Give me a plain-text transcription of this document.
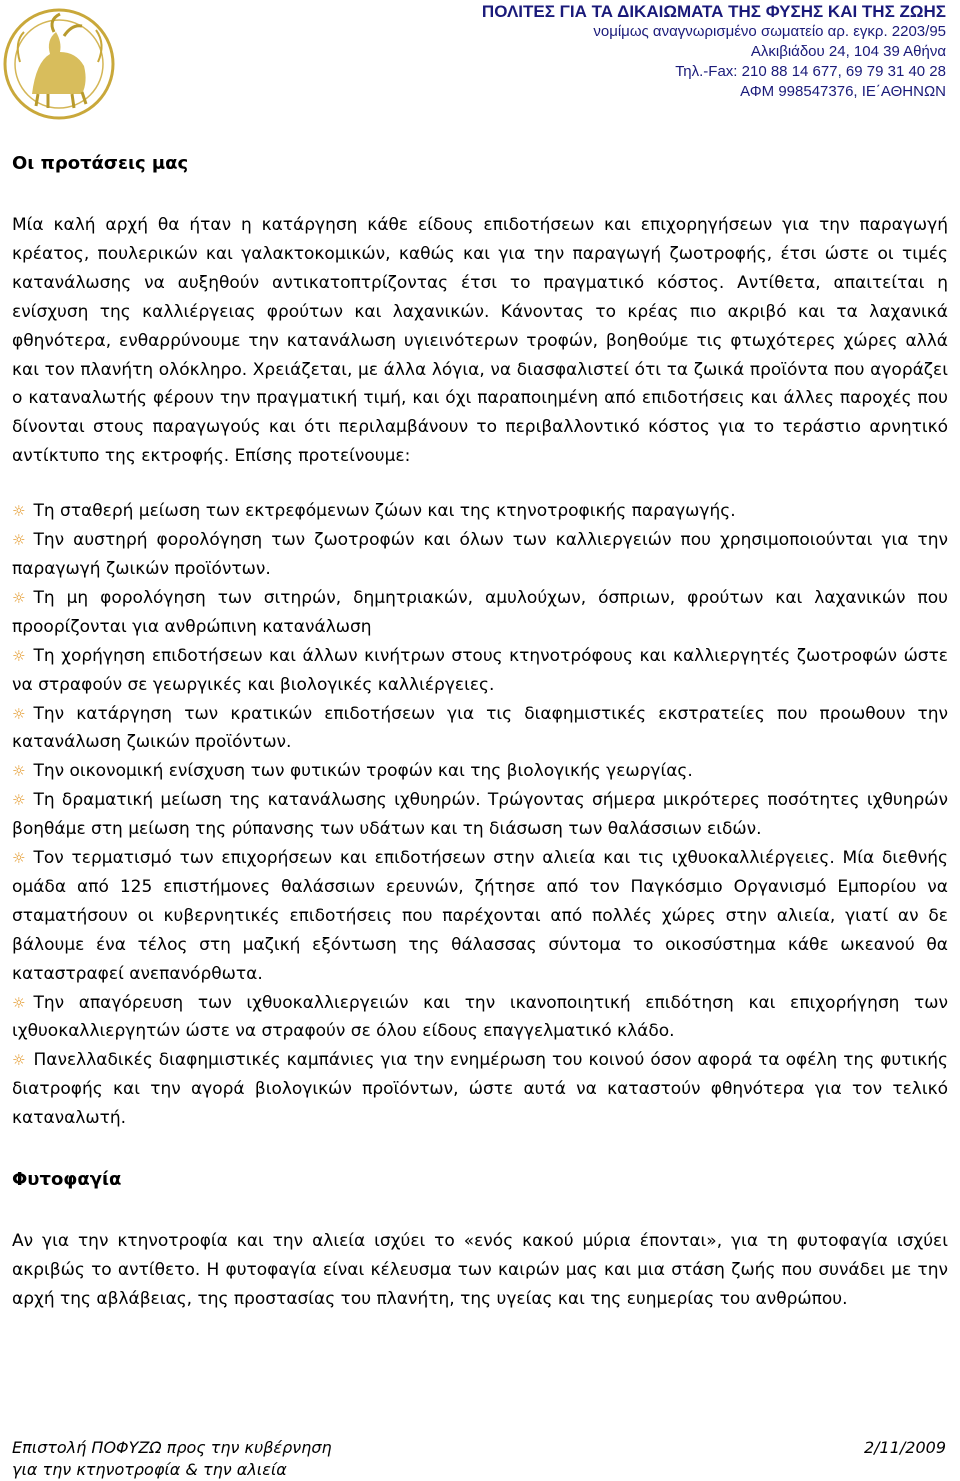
ΠΟΛΙΤΕΣ ΓΙΑ ΤΑ ΔΙΚΑΙΩΜΑΤΑ ΤΗΣ ΦΥΣΗΣ ΚΑΙ ΤΗΣ ΖΩΗΣ
νομίμως αναγνωρισμένο σωματείο αρ. εγκρ. 2203/95
Αλκιβιάδου 24, 104 39 Αθήνα
Τηλ.-Fax: 210 88 14 677, 69 79 31 40 28
ΑΦΜ 998547376, ΙΕ΄ΑΘΗΝΩΝ
Οι προτάσεις μας

Μία καλή αρχή θα ήταν η κατάργηση κάθε είδους επιδοτήσεων και επιχορηγήσεων για την παραγωγή κρέατος, πουλερικών και γαλακτοκομικών, καθώς και για την παραγωγή ζωοτροφής, έτσι ώστε οι τιμές κατανάλωσης να αυξηθούν αντικατοπτρίζοντας έτσι το πραγματικό κόστος. Αντίθετα, απαιτείται η ενίσχυση της καλλιέργειας φρούτων και λαχανικών. Κάνοντας το κρέας πιο ακριβό και τα λαχανικά φθηνότερα, ενθαρρύνουμε την κατανάλωση υγιεινότερων τροφών, βοηθούμε τις φτωχότερες χώρες αλλά και τον πλανήτη ολόκληρο. Χρειάζεται, με άλλα λόγια, να διασφαλιστεί ότι τα ζωικά προϊόντα που αγοράζει ο καταναλωτής φέρουν την πραγματική τιμή, και όχι παραποιημένη από επιδοτήσεις και άλλες παροχές που δίνονται στους παραγωγούς και ότι περιλαμβάνουν το περιβαλλοντικό κόστος για το τεράστιο αρνητικό αντίκτυπο της εκτροφής. Επίσης προτείνουμε:

☼ Τη σταθερή μείωση των εκτρεφόμενων ζώων και της κτηνοτροφικής παραγωγής.

☼ Την αυστηρή φορολόγηση των ζωοτροφών και όλων των καλλιεργειών που χρησιμοποιούνται για την παραγωγή ζωικών προϊόντων.

☼ Τη μη φορολόγηση των σιτηρών, δημητριακών, αμυλούχων, όσπριων, φρούτων και λαχανικών που προορίζονται για ανθρώπινη κατανάλωση

☼ Τη χορήγηση επιδοτήσεων και άλλων κινήτρων στους κτηνοτρόφους και καλλιεργητές ζωοτροφών ώστε να στραφούν σε γεωργικές και βιολογικές καλλιέργειες.

☼ Την κατάργηση των κρατικών επιδοτήσεων για τις διαφημιστικές εκστρατείες που προωθουν την κατανάλωση ζωικών προϊόντων.

☼ Την οικονομική ενίσχυση των φυτικών τροφών και της βιολογικής γεωργίας.

☼ Τη δραματική μείωση της κατανάλωσης ιχθυηρών. Τρώγοντας σήμερα μικρότερες ποσότητες ιχθυηρών βοηθάμε στη μείωση της ρύπανσης των υδάτων και τη διάσωση των θαλάσσιων ειδών.

☼ Τον τερματισμό των επιχορήσεων και επιδοτήσεων στην αλιεία και τις ιχθυοκαλλιέργειες. Μία διεθνής ομάδα από 125 επιστήμονες θαλάσσιων ερευνών, ζήτησε από τον Παγκόσμιο Οργανισμό Εμπορίου να σταματήσουν οι κυβερνητικές επιδοτήσεις που παρέχονται από πολλές χώρες στην αλιεία, γιατί αν δε βάλουμε ένα τέλος στη μαζική εξόντωση της θάλασσας σύντομα το οικοσύστημα κάθε ωκεανού θα καταστραφεί ανεπανόρθωτα.

☼ Την απαγόρευση των ιχθυοκαλλιεργειών και την ικανοποιητική επιδότηση και επιχορήγηση των ιχθυοκαλλιεργητών ώστε να στραφούν σε όλου είδους επαγγελματικό κλάδο.

☼ Πανελλαδικές διαφημιστικές καμπάνιες για την ενημέρωση του κοινού όσον αφορά τα οφέλη της φυτικής διατροφής και την αγορά βιολογικών προϊόντων, ώστε αυτά να καταστούν φθηνότερα για τον τελικό καταναλωτή.

Φυτοφαγία

Αν για την κτηνοτροφία και την αλιεία ισχύει το «ενός κακού μύρια έπονται», για τη φυτοφαγία ισχύει ακριβώς το αντίθετο. Η φυτοφαγία είναι κέλευσμα των καιρών μας και μια στάση ζωής που συνάδει με την αρχή της αβλάβειας, της προστασίας του πλανήτη, της υγείας και της ευημερίας του ανθρώπου.

Επιστολή ΠΟΦΥΖΩ προς την κυβέρνηση
για την κτηνοτροφία & την αλιεία
2/11/2009
